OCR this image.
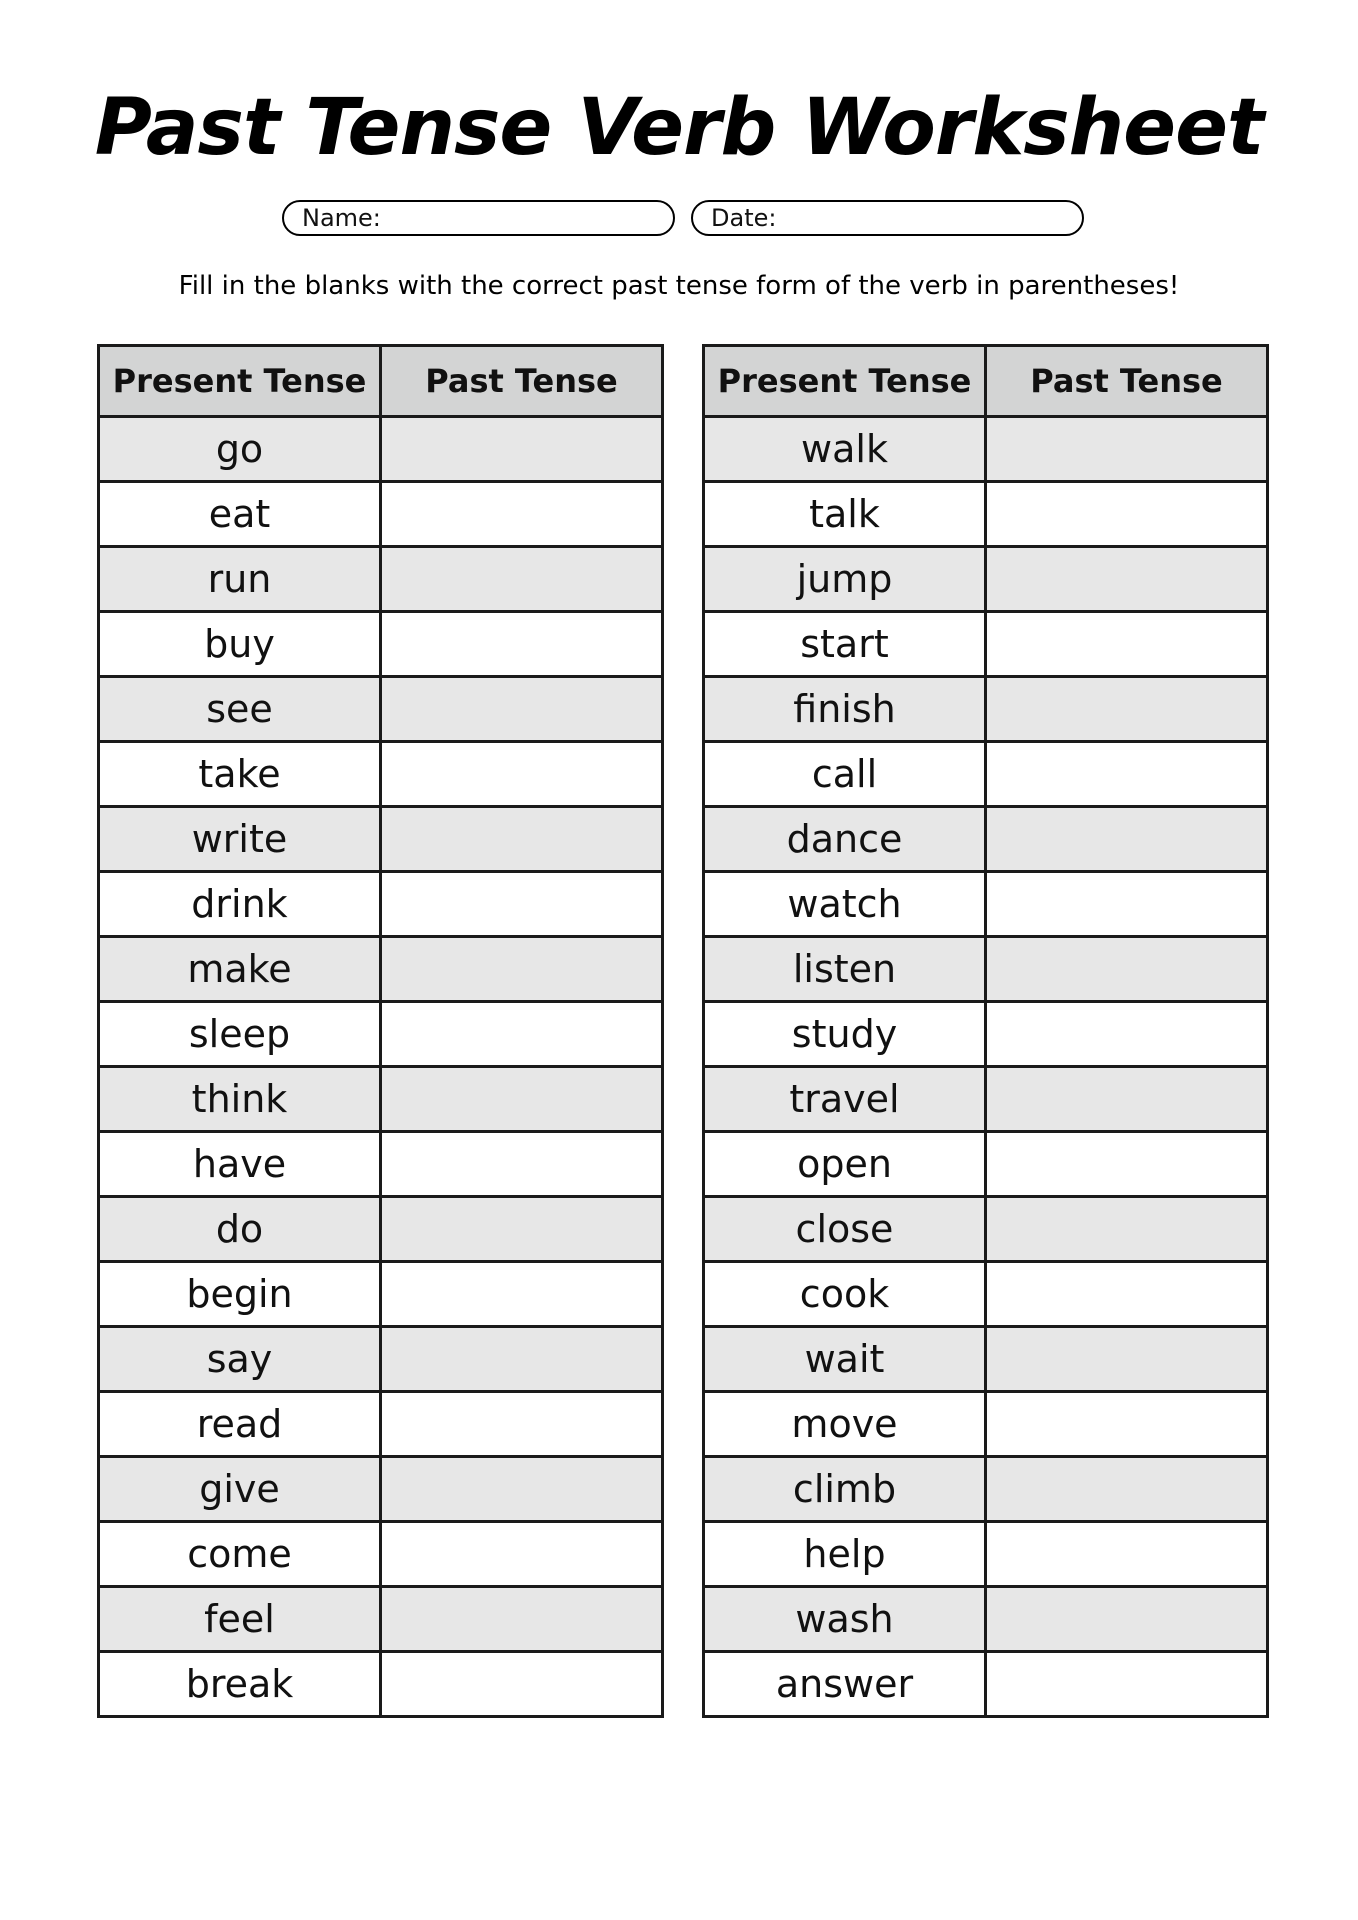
Past Tense Verb Worksheet
Name:	Date:
Fill in the blanks with the correct past tense form of the verb in parentheses!
Present Tense	Past Tense
go	
eat	
run	
buy	
see	
take	
write	
drink	
make	
sleep	
think	
have	
do	
begin	
say	
read	
give	
come	
feel	
break	
Present Tense	Past Tense
walk	
talk	
jump	
start	
finish	
call	
dance	
watch	
listen	
study	
travel	
open	
close	
cook	
wait	
move	
climb	
help	
wash	
answer	
